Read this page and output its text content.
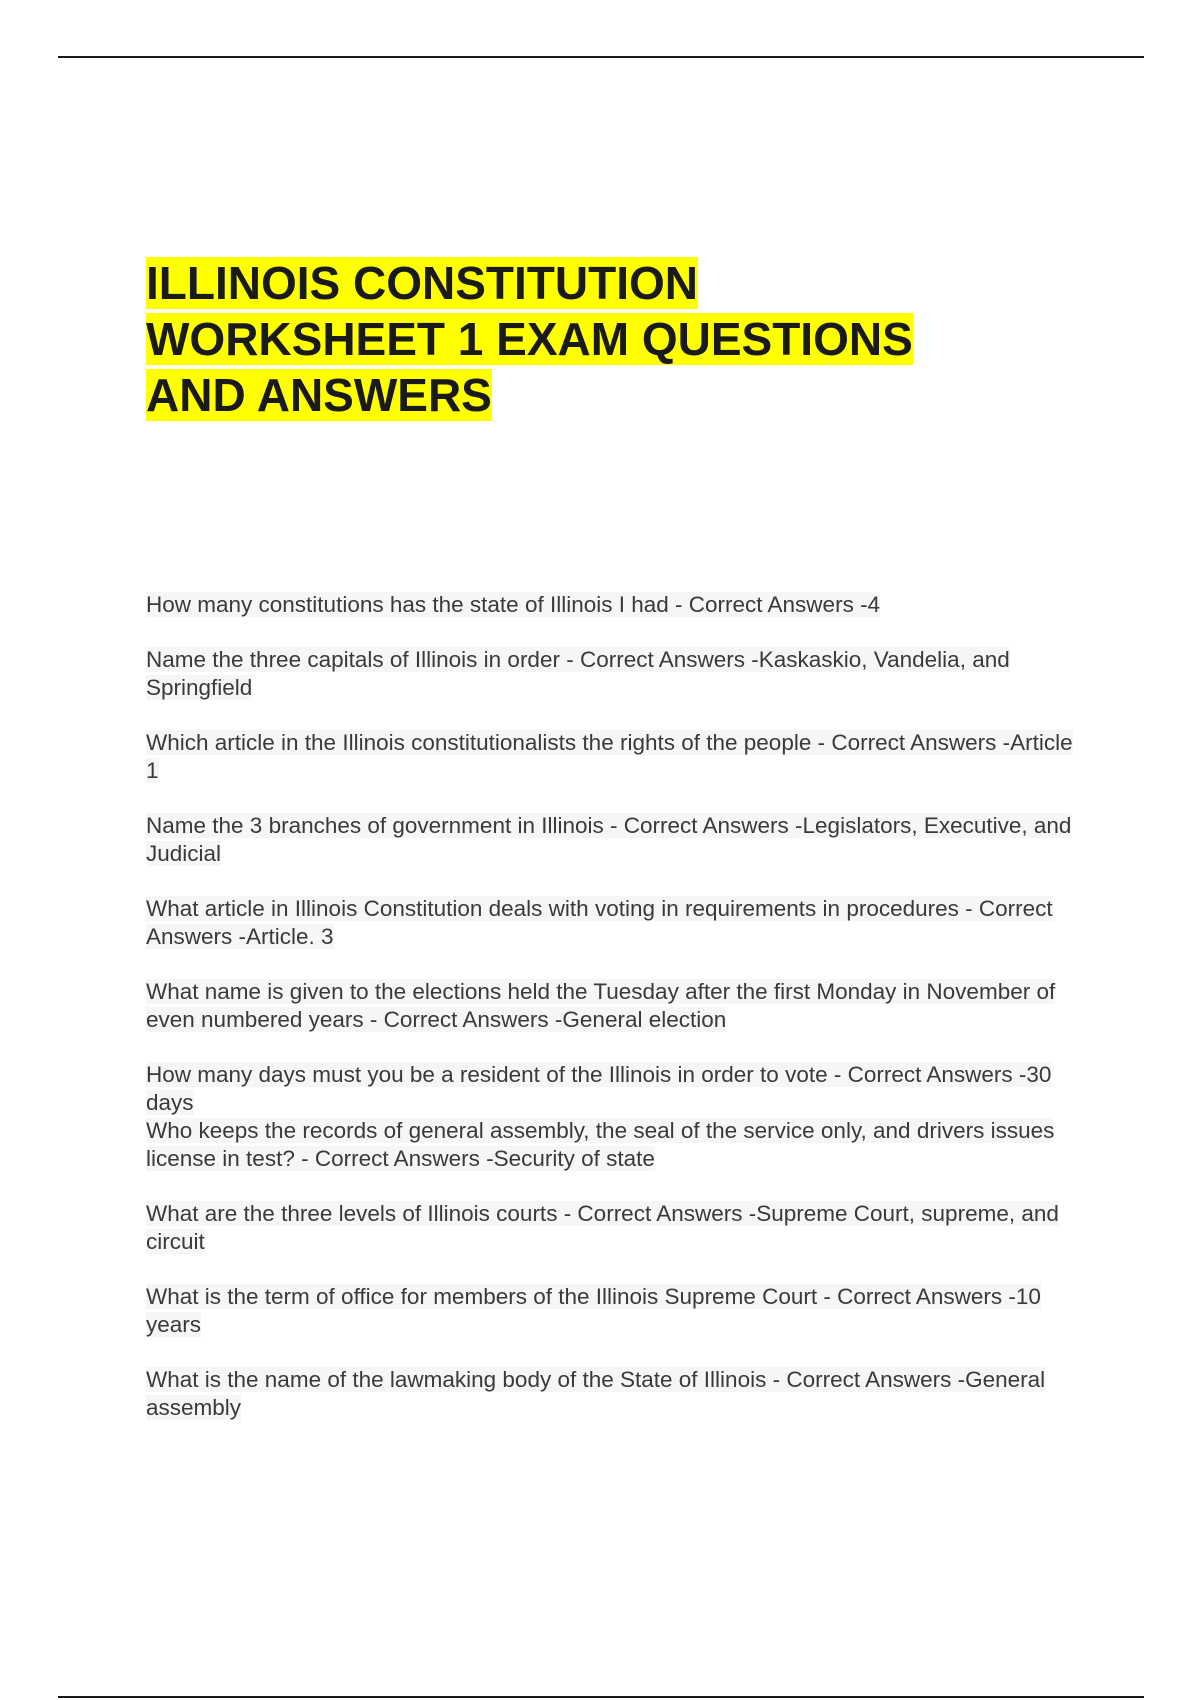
ILLINOIS CONSTITUTION
WORKSHEET 1 EXAM QUESTIONS
AND ANSWERS
How many constitutions has the state of Illinois I had - Correct Answers -4
Name the three capitals of Illinois in order - Correct Answers -Kaskaskio, Vandelia, and Springfield
Which article in the Illinois constitutionalists the rights of the people - Correct Answers -Article 1
Name the 3 branches of government in Illinois - Correct Answers -Legislators, Executive, and Judicial
What article in Illinois Constitution deals with voting in requirements in procedures - Correct Answers -Article. 3
What name is given to the elections held the Tuesday after the first Monday in November of even numbered years - Correct Answers -General election
How many days must you be a resident of the Illinois in order to vote - Correct Answers -30 days
Who keeps the records of general assembly, the seal of the service only, and drivers issues license in test? - Correct Answers -Security of state
What are the three levels of Illinois courts - Correct Answers -Supreme Court, supreme, and circuit
What is the term of office for members of the Illinois Supreme Court - Correct Answers -10 years
What is the name of the lawmaking body of the State of Illinois - Correct Answers -General assembly
